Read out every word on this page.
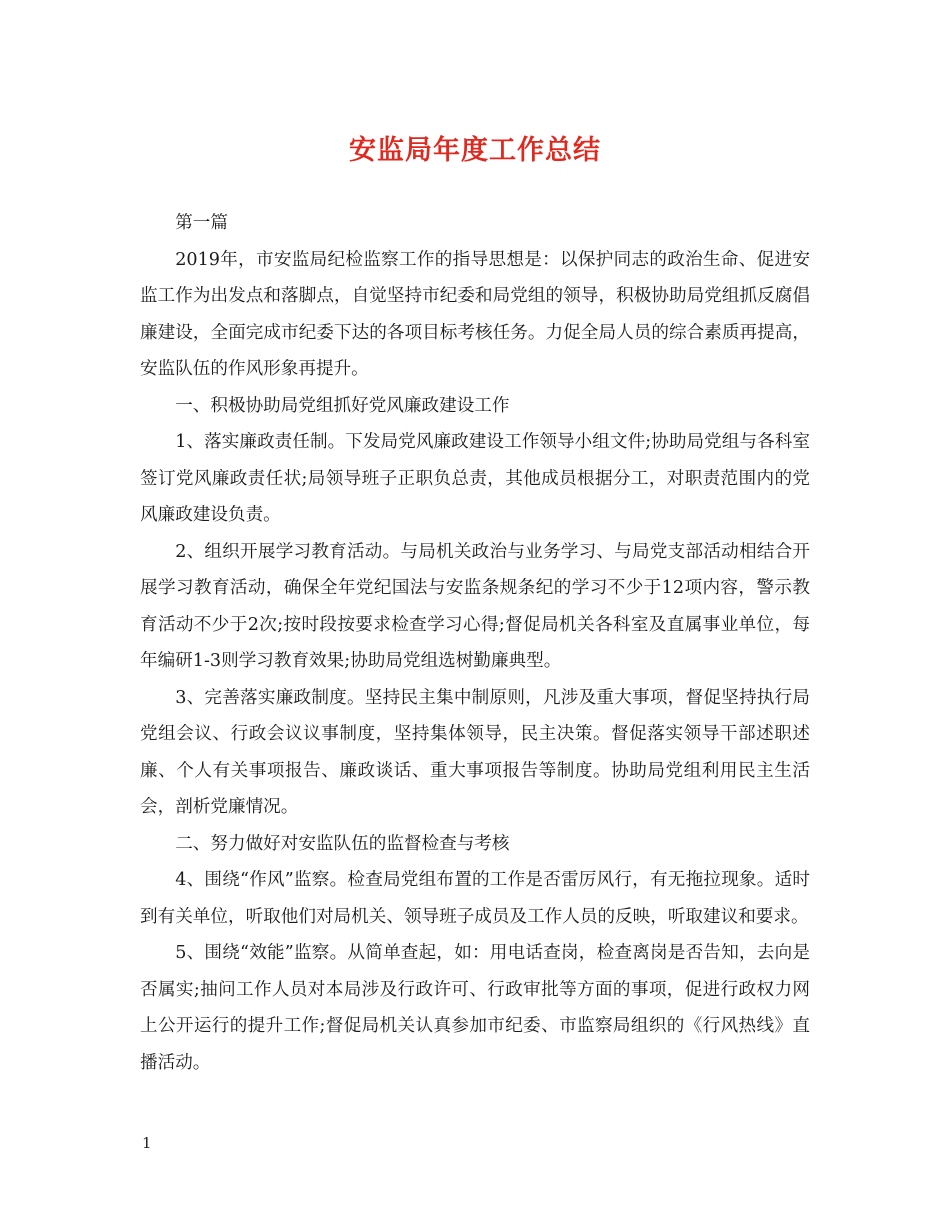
安监局年度工作总结

第一篇

2019年，市安监局纪检监察工作的指导思想是：以保护同志的政治生命、促进安监工作为出发点和落脚点，自觉坚持市纪委和局党组的领导，积极协助局党组抓反腐倡廉建设，全面完成市纪委下达的各项目标考核任务。力促全局人员的综合素质再提高，安监队伍的作风形象再提升。

一、积极协助局党组抓好党风廉政建设工作

1、落实廉政责任制。下发局党风廉政建设工作领导小组文件;协助局党组与各科室签订党风廉政责任状;局领导班子正职负总责，其他成员根据分工，对职责范围内的党风廉政建设负责。

2、组织开展学习教育活动。与局机关政治与业务学习、与局党支部活动相结合开展学习教育活动，确保全年党纪国法与安监条规条纪的学习不少于12项内容，警示教育活动不少于2次;按时段按要求检查学习心得;督促局机关各科室及直属事业单位，每年编研1-3则学习教育效果;协助局党组选树勤廉典型。

3、完善落实廉政制度。坚持民主集中制原则，凡涉及重大事项，督促坚持执行局党组会议、行政会议议事制度，坚持集体领导，民主决策。督促落实领导干部述职述廉、个人有关事项报告、廉政谈话、重大事项报告等制度。协助局党组利用民主生活会，剖析党廉情况。

二、努力做好对安监队伍的监督检查与考核

4、围绕“作风”监察。检查局党组布置的工作是否雷厉风行，有无拖拉现象。适时到有关单位，听取他们对局机关、领导班子成员及工作人员的反映，听取建议和要求。

5、围绕“效能”监察。从简单查起，如：用电话查岗，检查离岗是否告知，去向是否属实;抽问工作人员对本局涉及行政许可、行政审批等方面的事项，促进行政权力网上公开运行的提升工作;督促局机关认真参加市纪委、市监察局组织的《行风热线》直播活动。

1
